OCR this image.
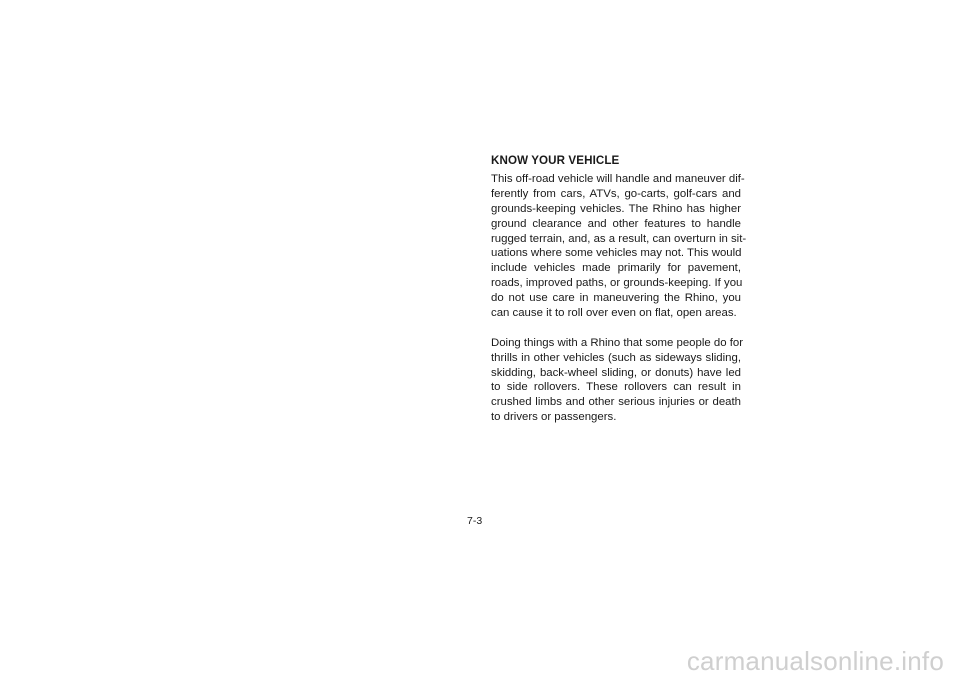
KNOW YOUR VEHICLE
This off-road vehicle will handle and maneuver dif-
ferently from cars, ATVs, go-carts, golf-cars and
grounds-keeping vehicles. The Rhino has higher
ground clearance and other features to handle
rugged terrain, and, as a result, can overturn in sit-
uations where some vehicles may not. This would
include vehicles made primarily for pavement,
roads, improved paths, or grounds-keeping. If you
do not use care in maneuvering the Rhino, you
can cause it to roll over even on flat, open areas.
Doing things with a Rhino that some people do for
thrills in other vehicles (such as sideways sliding,
skidding, back-wheel sliding, or donuts) have led
to side rollovers. These rollovers can result in
crushed limbs and other serious injuries or death
to drivers or passengers.
7-3
carmanualsonline.info
